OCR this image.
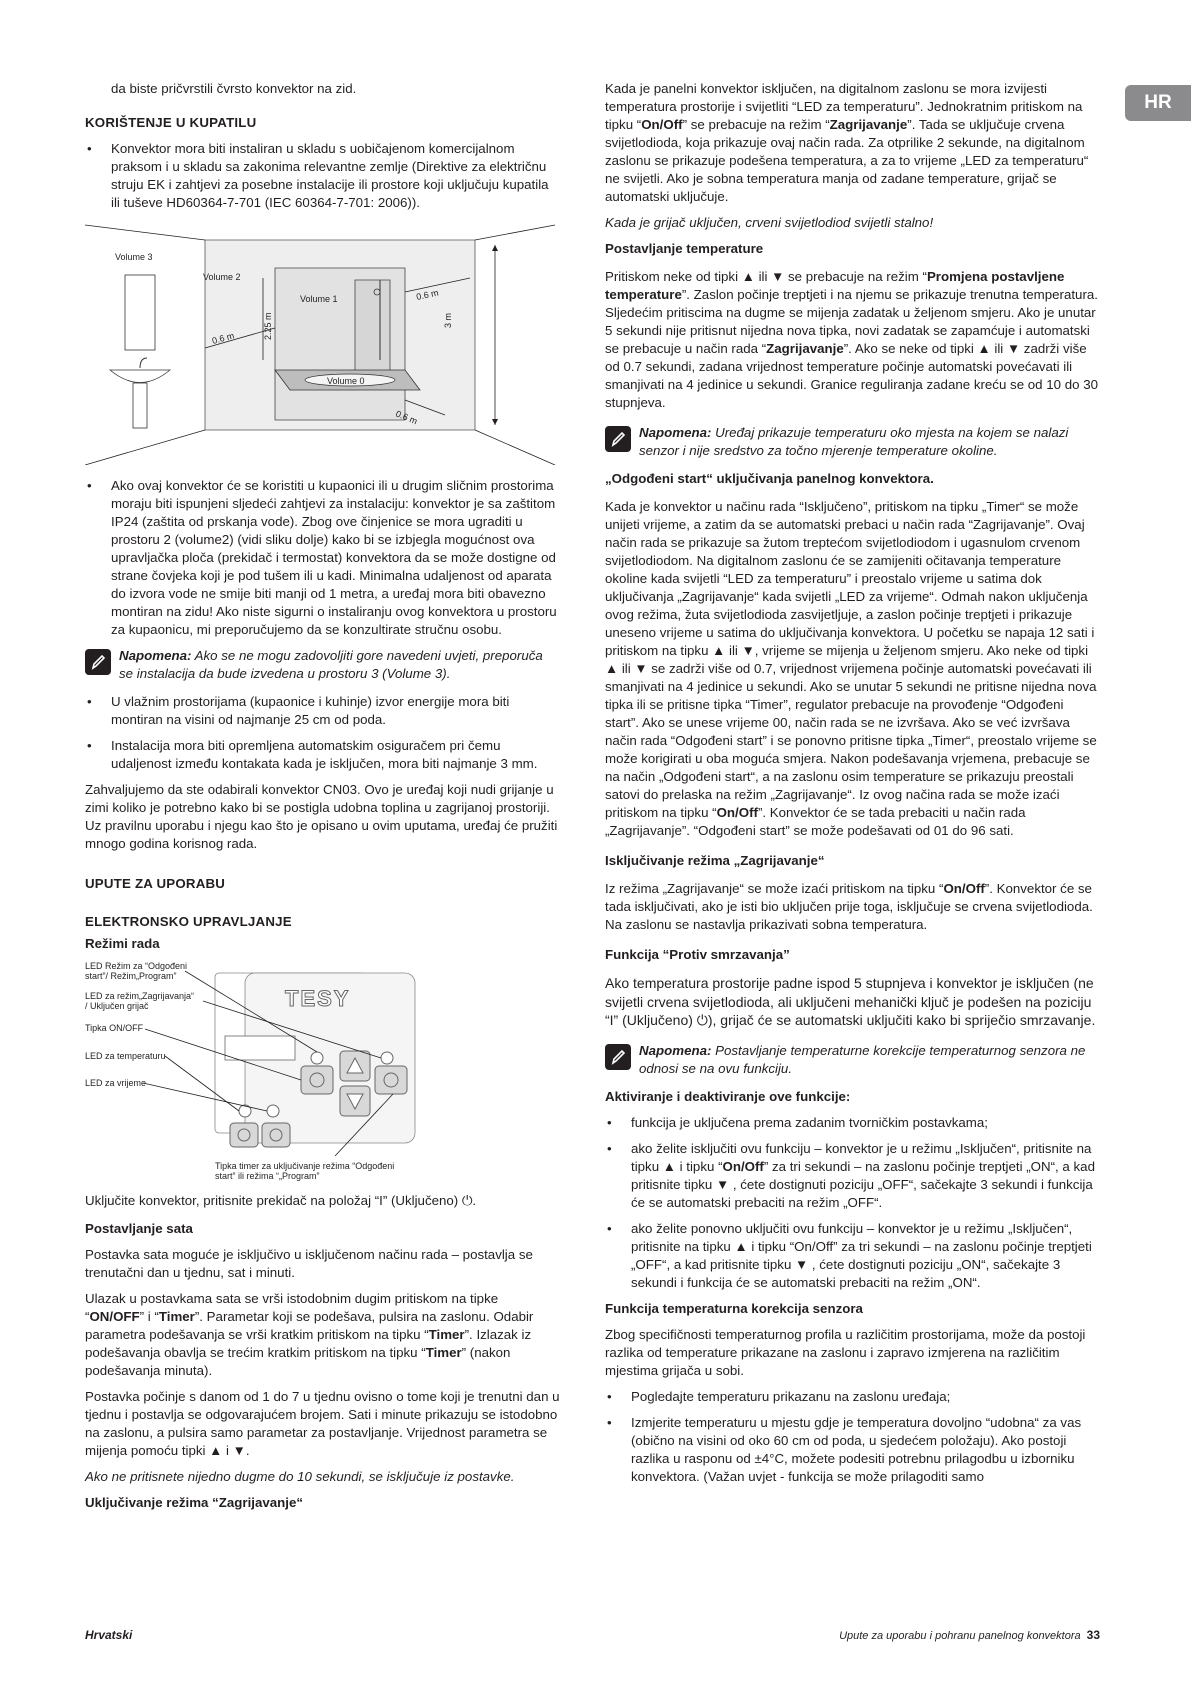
HR

da biste pričvrstili čvrsto konvektor na zid.

KORIŠTENJE U KUPATILU
• Konvektor mora biti instaliran u skladu s uobičajenom komercijalnom praksom i u skladu sa zakonima relevantne zemlje (Direktive za električnu struju EK i zahtjevi za posebne instalacije ili prostore koji uključuju kupatila ili tuševe HD60364-7-701 (IEC 60364-7-701: 2006)).
Volume 3
Volume 2
Volume 1
Volume 0
0.6 m
0.6 m
0.6 m
2.25 m	3 m
• Ako ovaj konvektor će se koristiti u kupaonici ili u drugim sličnim prostorima moraju biti ispunjeni sljedeći zahtjevi za instalaciju: konvektor je sa zaštitom IP24 (zaštita od prskanja vode). Zbog ove činjenice se mora ugraditi u prostoru 2 (volume2) (vidi sliku dolje) kako bi se izbjegla mogućnost ova upravljačka ploča (prekidač i termostat) konvektora da se može dostigne od strane čovjeka koji je pod tušem ili u kadi. Minimalna udaljenost od aparata do izvora vode ne smije biti manji od 1 metra, a uređaj mora biti obavezno montiran na zidu! Ako niste sigurni o instaliranju ovog konvektora u prostoru za kupaonicu, mi preporučujemo da se konzultirate stručnu osobu.
Napomena: Ako se ne mogu zadovoljiti gore navedeni uvjeti, preporuča se instalacija da bude izvedena u prostoru 3 (Volume 3).
• U vlažnim prostorijama (kupaonice i kuhinje) izvor energije mora biti montiran na visini od najmanje 25 cm od poda.
• Instalacija mora biti opremljena automatskim osiguračem pri čemu udaljenost između kontakata kada je isključen, mora biti najmanje 3 mm.

Zahvaljujemo da ste odabirali konvektor CN03. Ovo je uređaj koji nudi grijanje u zimi koliko je potrebno kako bi se postigla udobna toplina u zagrijanoj prostoriji. Uz pravilnu uporabu i njegu kao što je opisano u ovim uputama, uređaj će pružiti mnogo godina korisnog rada.

UPUTE ZA UPORABU
ELEKTRONSKO UPRAVLJANJE
Režimi rada
TESY
LED Režim za “Odgođeni
start”/ Režim„Program”
LED za režim„Zagrijavanja“
/ Uključen grijač
Tipka ON/OFF
LED za temperaturu
LED za vrijeme
Tipka timer za uključivanje režima “Odgođeni
start” ili režima “„Program”

Uključite konvektor, pritisnite prekidač na položaj “I” (Uključeno) ⏻.

Postavljanje sata

Postavka sata moguće je isključivo u isključenom načinu rada – postavlja se trenutačni dan u tjednu, sat i minuti.

Ulazak u postavkama sata se vrši istodobnim dugim pritiskom na tipke “ON/OFF” i “Timer”. Parametar koji se podešava, pulsira na zaslonu. Odabir parametra podešavanja se vrši kratkim pritiskom na tipku “Timer”. Izlazak iz podešavanja obavlja se trećim kratkim pritiskom na tipku “Timer” (nakon podešavanja minuta).

Postavka počinje s danom od 1 do 7 u tjednu ovisno o tome koji je trenutni dan u tjednu i postavlja se odgovarajućem brojem. Sati i minute prikazuju se istodobno na zaslonu, a pulsira samo parametar za postavljanje. Vrijednost parametra se mijenja pomoću tipki ▲ i ▼.

Ako ne pritisnete nijedno dugme do 10 sekundi, se isključuje iz postavke.

Uključivanje režima “Zagrijavanje“

Kada je panelni konvektor isključen, na digitalnom zaslonu se mora izvijesti temperatura prostorije i svijetliti “LED za temperaturu”. Jednokratnim pritiskom na tipku “On/Off” se prebacuje na režim “Zagrijavanje”. Tada se uključuje crvena svijetlodioda, koja prikazuje ovaj način rada. Za otprilike 2 sekunde, na digitalnom zaslonu se prikazuje podešena temperatura, a za to vrijeme „LED za temperaturu“ ne svijetli. Ako je sobna temperatura manja od zadane temperature, grijač se automatski uključuje.

Kada je grijač uključen, crveni svijetlodiod svijetli stalno!

Postavljanje temperature

Pritiskom neke od tipki ▲ ili ▼ se prebacuje na režim “Promjena postavljene temperature”. Zaslon počinje treptjeti i na njemu se prikazuje trenutna temperatura. Sljedećim pritiscima na dugme se mijenja zadatak u željenom smjeru. Ako je unutar 5 sekundi nije pritisnut nijedna nova tipka, novi zadatak se zapamćuje i automatski se prebacuje u način rada “Zagrijavanje”. Ako se neke od tipki ▲ ili ▼ zadrži više od 0.7 sekundi, zadana vrijednost temperature počinje automatski povećavati ili smanjivati na 4 jedinice u sekundi. Granice reguliranja zadane kreću se od 10 do 30 stupnjeva.

Napomena: Uređaj prikazuje temperaturu oko mjesta na kojem se nalazi senzor i nije sredstvo za točno mjerenje temperature okoline.
„Odgođeni start“ uključivanja panelnog konvektora.

Kada je konvektor u načinu rada “Isključeno”, pritiskom na tipku „Timer“ se može unijeti vrijeme, a zatim da se automatski prebaci u način rada “Zagrijavanje”. Ovaj način rada se prikazuje sa žutom treptećom svijetlodiodom i ugasnulom crvenom svijetlodiodom. Na digitalnom zaslonu će se zamijeniti očitavanja temperature okoline kada svijetli “LED za temperaturu” i preostalo vrijeme u satima dok uključivanja „Zagrijavanje“ kada svijetli „LED za vrijeme“. Odmah nakon uključenja ovog režima, žuta svijetlodioda zasvijetljuje, a zaslon počinje treptjeti i prikazuje uneseno vrijeme u satima do uključivanja konvektora. U početku se napaja 12 sati i pritiskom na tipku ▲ ili ▼, vrijeme se mijenja u željenom smjeru. Ako neke od tipki ▲ ili ▼ se zadrži više od 0.7, vrijednost vrijemena počinje automatski povećavati ili smanjivati na 4 jedinice u sekundi. Ako se unutar 5 sekundi ne pritisne nijedna nova tipka ili se pritisne tipka “Timer”, regulator prebacuje na provođenje “Odgođeni start”. Ako se unese vrijeme 00, način rada se ne izvršava. Ako se već izvršava način rada “Odgođeni start” i se ponovno pritisne tipka „Timer“, preostalo vrijeme se može korigirati u oba moguća smjera. Nakon podešavanja vrjemena, prebacuje se na način „Odgođeni start“, a na zaslonu osim temperature se prikazuju preostali satovi do prelaska na režim „Zagrijavanje“. Iz ovog načina rada se može izaći pritiskom na tipku “On/Off”. Konvektor će se tada prebaciti u način rada „Zagrijavanje”. “Odgođeni start” se može podešavati od 01 do 96 sati.

Isključivanje režima „Zagrijavanje“

Iz režima „Zagrijavanje“ se može izaći pritiskom na tipku “On/Off”. Konvektor će se tada isključivati, ako je isti bio uključen prije toga, isključuje se crvena svijetlodioda. Na zaslonu se nastavlja prikazivati sobna temperatura.

Funkcija “Protiv smrzavanja”

Ako temperatura prostorije padne ispod 5 stupnjeva i konvektor je isključen (ne svijetli crvena svijetlodioda, ali uključeni mehanički ključ je podešen na poziciju “I” (Uključeno) ⏻), grijač će se automatski uključiti kako bi spriječio smrzavanje.

Napomena: Postavljanje temperaturne korekcije temperaturnog senzora ne odnosi se na ovu funkciju.
Aktiviranje i deaktiviranje ove funkcije:
• funkcija je uključena prema zadanim tvorničkim postavkama;
• ako želite isključiti ovu funkciju – konvektor je u režimu „Isključen“, pritisnite na tipku ▲ i tipku “On/Off” za tri sekundi – na zaslonu počinje treptjeti „ON“, a kad pritisnite tipku ▼ , ćete dostignuti poziciju „OFF“, sačekajte 3 sekundi i funkcija će se automatski prebaciti na režim „OFF“.
• ako želite ponovno uključiti ovu funkciju – konvektor je u režimu „Isključen“, pritisnite na tipku ▲ i tipku “On/Off” za tri sekundi – na zaslonu počinje treptjeti „OFF“, a kad pritisnite tipku ▼ , ćete dostignuti poziciju „ON“, sačekajte 3 sekundi i funkcija će se automatski prebaciti na režim „ON“.
Funkcija temperaturna korekcija senzora

Zbog specifičnosti temperaturnog profila u različitim prostorijama, može da postoji razlika od temperature prikazane na zaslonu i zapravo izmjerena na različitim mjestima grijača u sobi.

• Pogledajte temperaturu prikazanu na zaslonu uređaja;
• Izmjerite temperaturu u mjestu gdje je temperatura dovoljno “udobna“ za vas (obično na visini od oko 60 cm od poda, u sjedećem položaju). Ako postoji razlika u rasponu od ±4°C, možete podesiti potrebnu prilagodbu u izborniku konvektora. (Važan uvjet - funkcija se može prilagoditi samo
Hrvatski	Upute za uporabu i pohranu panelnog konvektora 33
